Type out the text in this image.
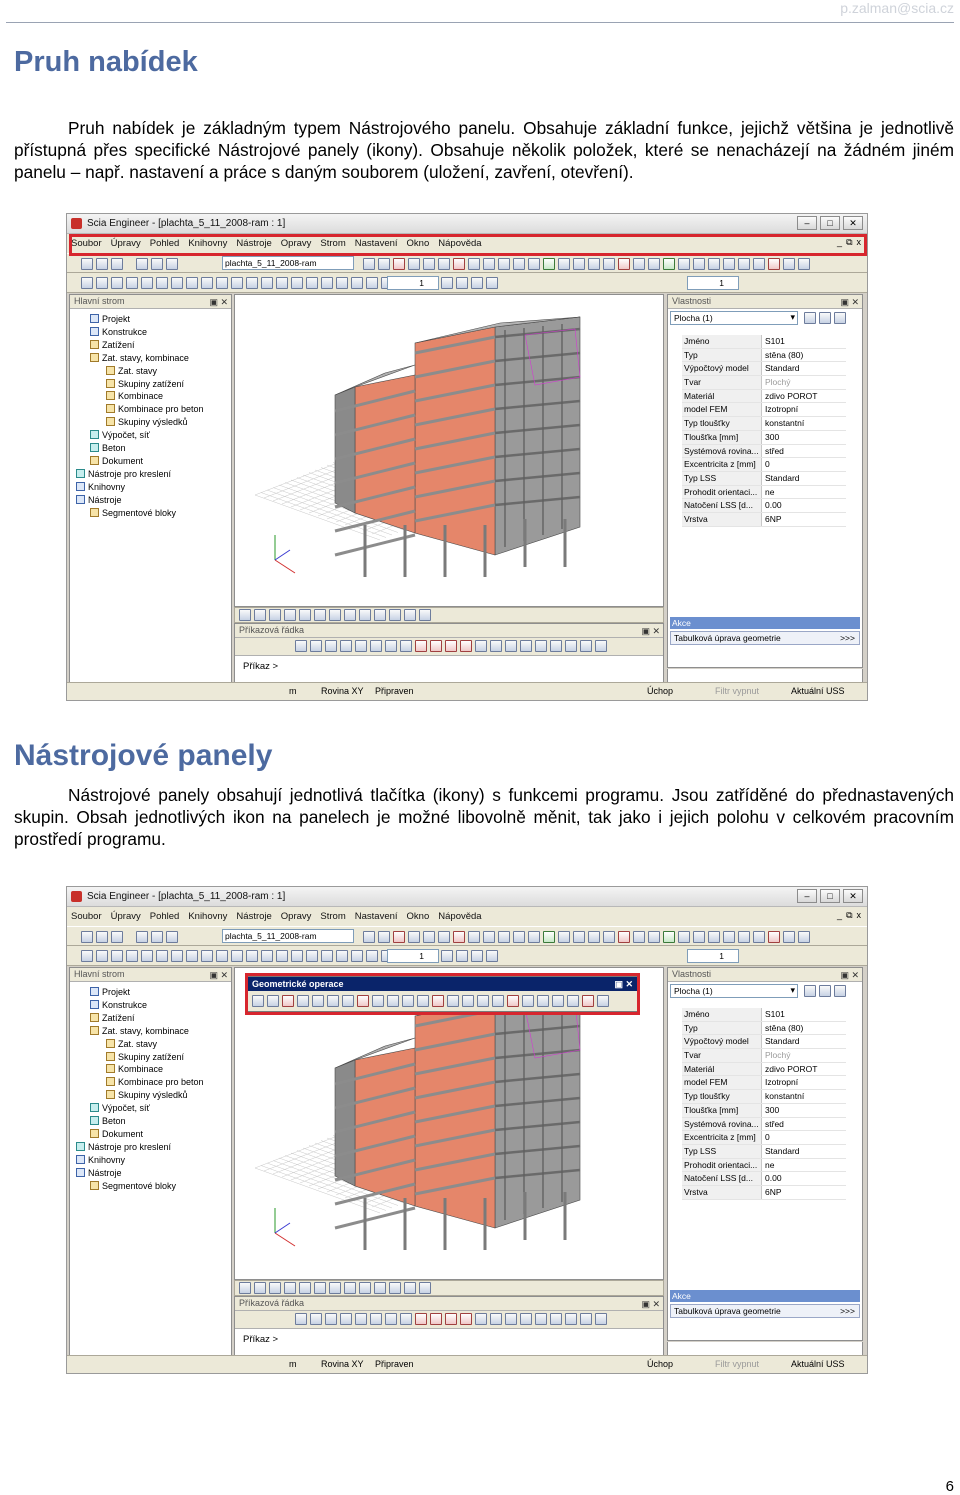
p.zalman@scia.cz
Pruh nabídek
Pruh nabídek je základným typem Nástrojového panelu. Obsahuje základní funkce, jejichž většina je jednotlivě přístupná přes specifické Nástrojové panely (ikony). Obsahuje několik položek, které se nenacházejí na žádném jiném panelu – např. nastavení a práce s daným souborem (uložení, zavření, otevření).
Scia Engineer - [plachta_5_11_2008-ram : 1]	–	□	✕
Soubor Úpravy Pohled Knihovny Nástroje Opravy Strom Nastavení Okno Nápověda	_ ⧉ x
plachta_5_11_2008-ram
1	1
Hlavní strom	▣ ✕
Projekt
Konstrukce
Zatížení
Zat. stavy, kombinace
Zat. stavy
Skupiny zatížení
Kombinace
Kombinace pro beton
Skupiny výsledků
Výpočet, síť
Beton
Dokument
Nástroje pro kreslení
Knihovny
Nástroje
Segmentové bloky
Příkazová řádka	▣ ✕
Příkaz >
Vlastnosti	▣ ✕
Plocha (1) ▾
Jméno	S101
Typ	stěna (80)
Výpočtový model	Standard
Tvar	Plochý
Materiál	zdivo POROT
model FEM	Izotropní
Typ tloušťky	konstantní
Tloušťka [mm]	300
Systémová rovina... střed
Excentricita z [mm]	0
Typ LSS	Standard
Prohodit orientaci... ne
Natočení LSS [d...	0.00
Vrstva	6NP
Akce
Tabulková úprava geometrie	>>>
m	Rovina XY Připraven	Úchop	Filtr vypnut	Aktuální USS
Nástrojové panely
Nástrojové panely obsahují jednotlivá tlačítka (ikony) s funkcemi programu. Jsou zatříděné do přednastavených skupin. Obsah jednotlivých ikon na panelech je možné libovolně měnit, tak jako i jejich polohu v celkovém pracovním prostředí programu.
Scia Engineer - [plachta_5_11_2008-ram : 1]	–	□	✕
Soubor Úpravy Pohled Knihovny Nástroje Opravy Strom Nastavení Okno Nápověda	_ ⧉ x
plachta_5_11_2008-ram
1	1
Hlavní strom	▣ ✕
Projekt
Konstrukce
Zatížení
Zat. stavy, kombinace
Zat. stavy
Skupiny zatížení
Kombinace
Kombinace pro beton
Skupiny výsledků
Výpočet, síť
Beton
Dokument
Nástroje pro kreslení
Knihovny
Nástroje
Segmentové bloky
Příkazová řádka	▣ ✕
Příkaz >
Vlastnosti	▣ ✕
Plocha (1) ▾
Jméno	S101
Typ	stěna (80)
Výpočtový model	Standard
Tvar	Plochý
Materiál	zdivo POROT
model FEM	Izotropní
Typ tloušťky	konstantní
Tloušťka [mm]	300
Systémová rovina... střed
Excentricita z [mm]	0
Typ LSS	Standard
Prohodit orientaci... ne
Natočení LSS [d...	0.00
Vrstva	6NP
Akce
Tabulková úprava geometrie	>>>
m	Rovina XY Připraven	Úchop	Filtr vypnut	Aktuální USS
Geometrické operace	▣ ✕
6
